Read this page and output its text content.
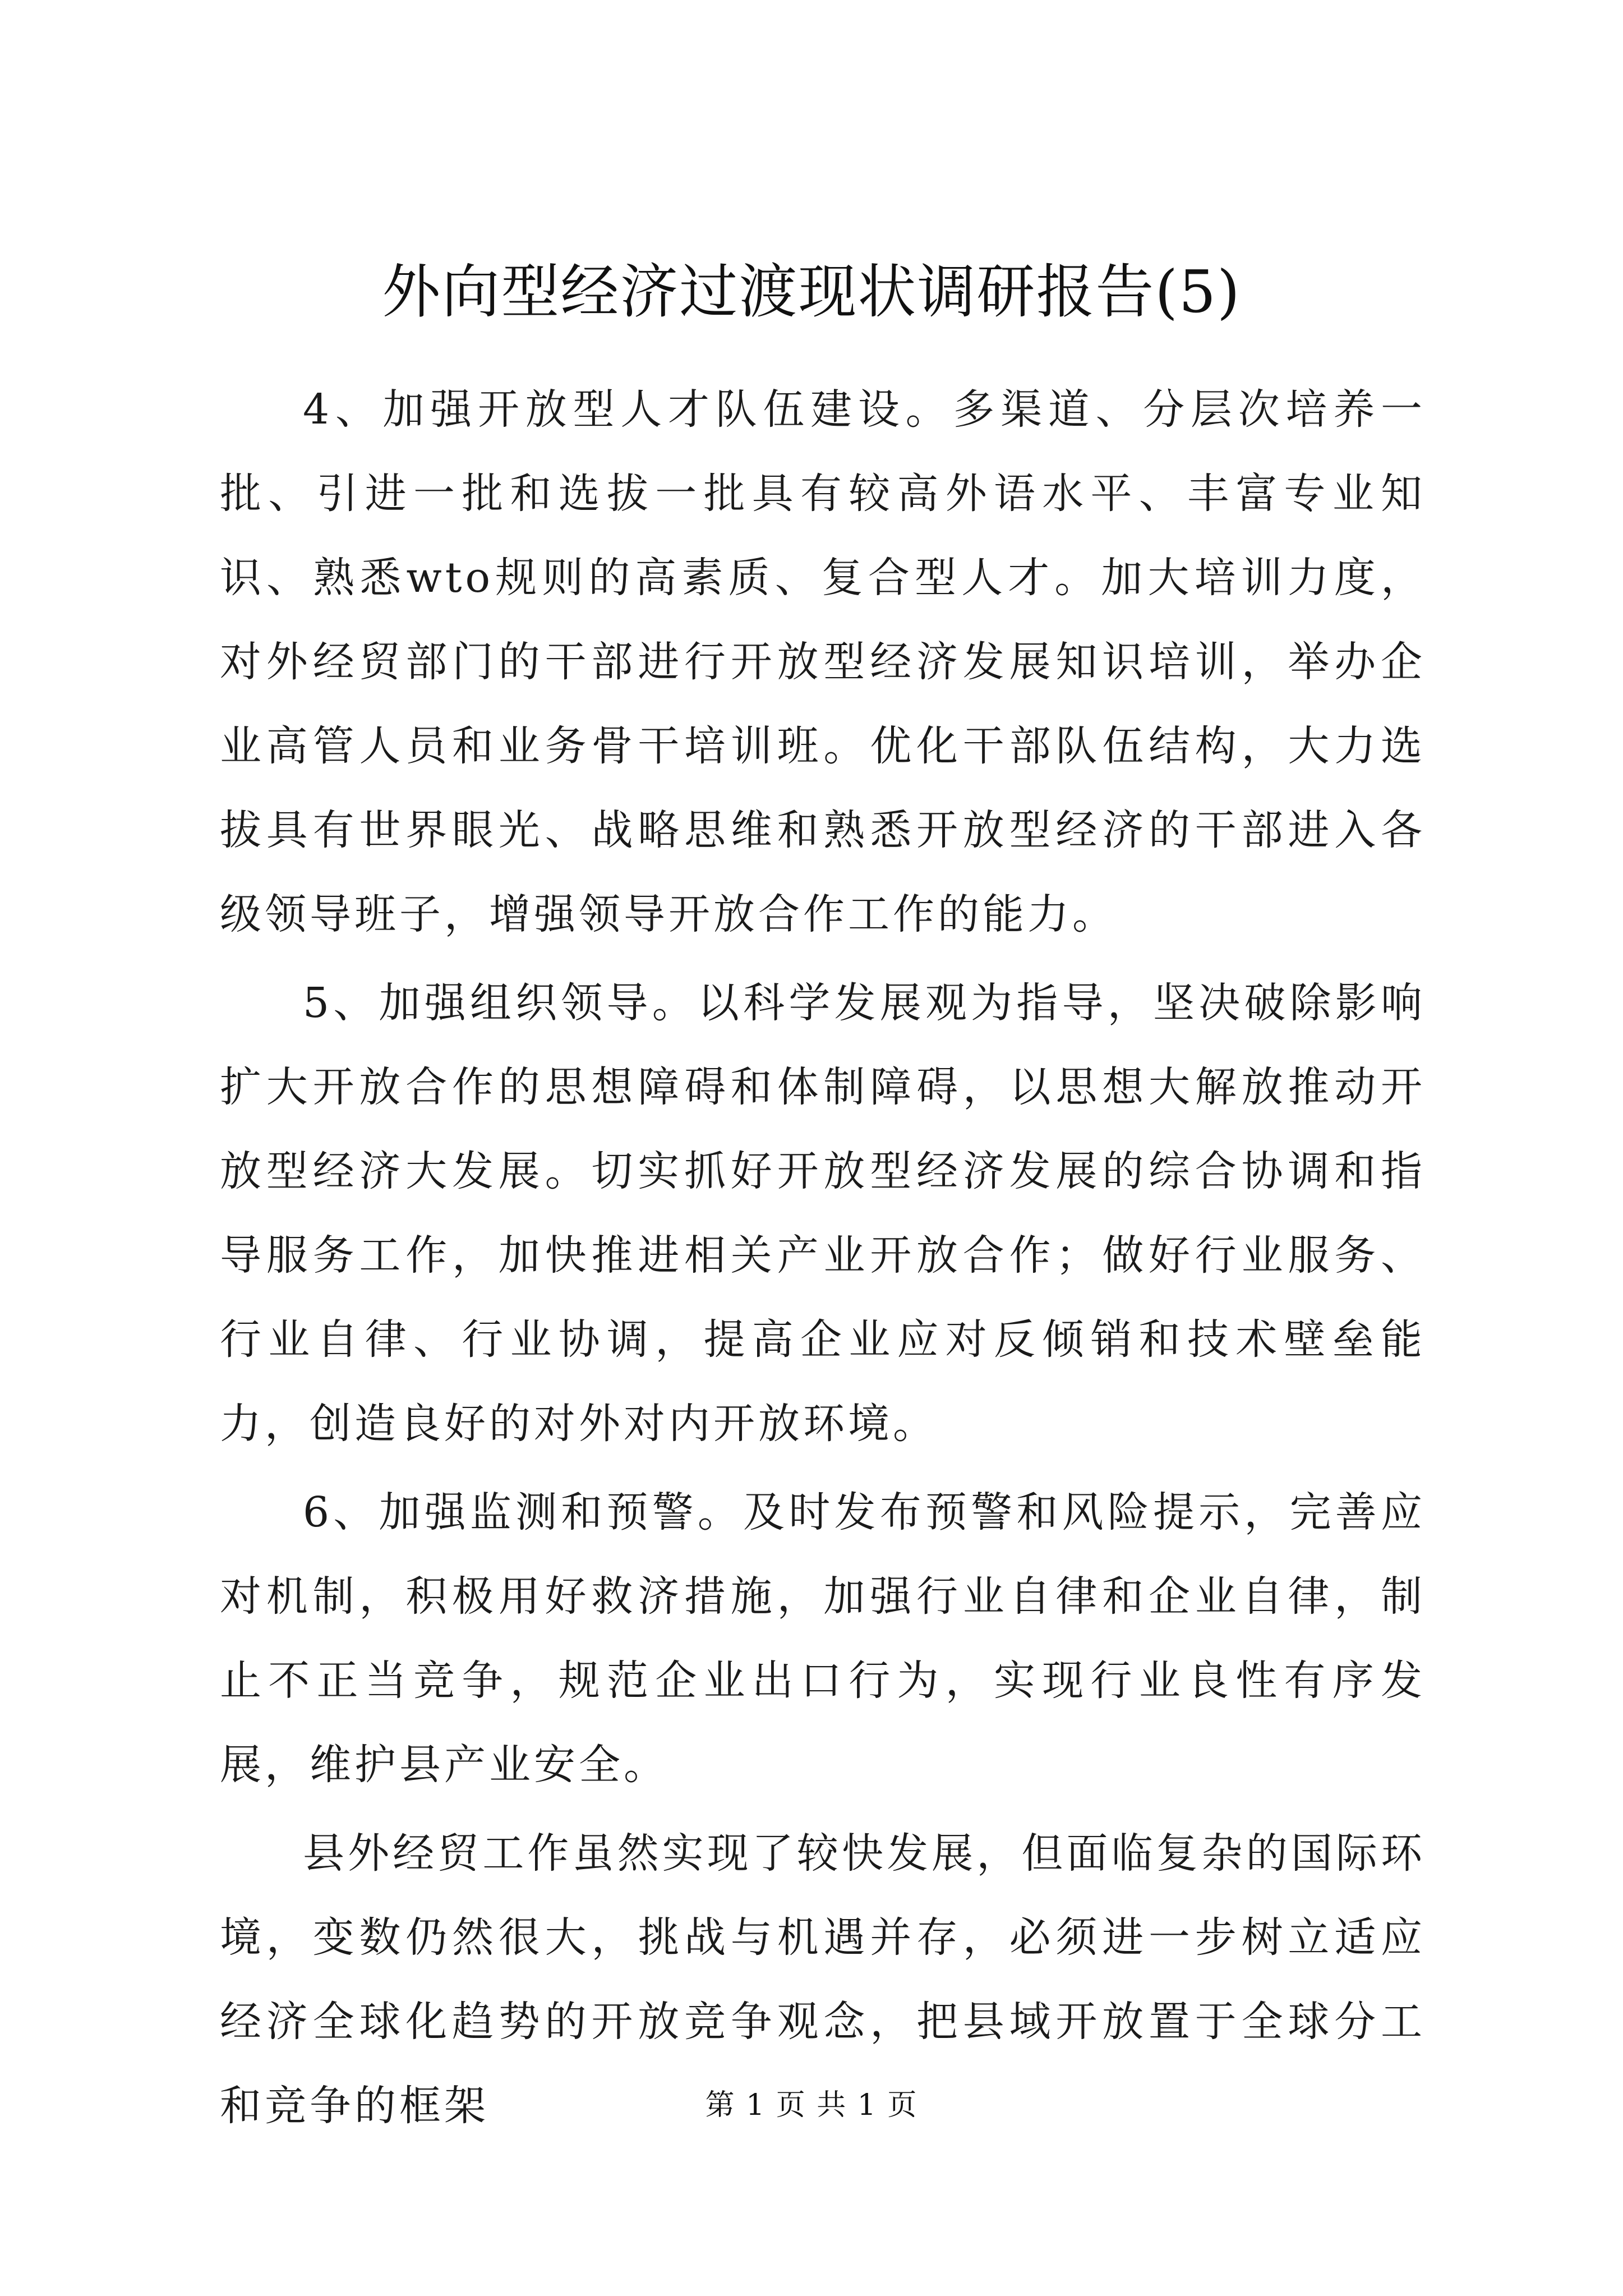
外向型经济过渡现状调研报告(5)

4、加强开放型人才队伍建设。多渠道、分层次培养一批、引进一批和选拔一批具有较高外语水平、丰富专业知识、熟悉wto规则的高素质、复合型人才。加大培训力度，对外经贸部门的干部进行开放型经济发展知识培训，举办企业高管人员和业务骨干培训班。优化干部队伍结构，大力选拔具有世界眼光、战略思维和熟悉开放型经济的干部进入各级领导班子，增强领导开放合作工作的能力。

5、加强组织领导。以科学发展观为指导，坚决破除影响扩大开放合作的思想障碍和体制障碍，以思想大解放推动开放型经济大发展。切实抓好开放型经济发展的综合协调和指导服务工作，加快推进相关产业开放合作；做好行业服务、行业自律、行业协调，提高企业应对反倾销和技术壁垒能力，创造良好的对外对内开放环境。

6、加强监测和预警。及时发布预警和风险提示，完善应对机制，积极用好救济措施，加强行业自律和企业自律，制止不正当竞争，规范企业出口行为，实现行业良性有序发展，维护县产业安全。

县外经贸工作虽然实现了较快发展，但面临复杂的国际环境，变数仍然很大，挑战与机遇并存，必须进一步树立适应经济全球化趋势的开放竞争观念，把县域开放置于全球分工和竞争的框架	第 1 页 共 1 页
